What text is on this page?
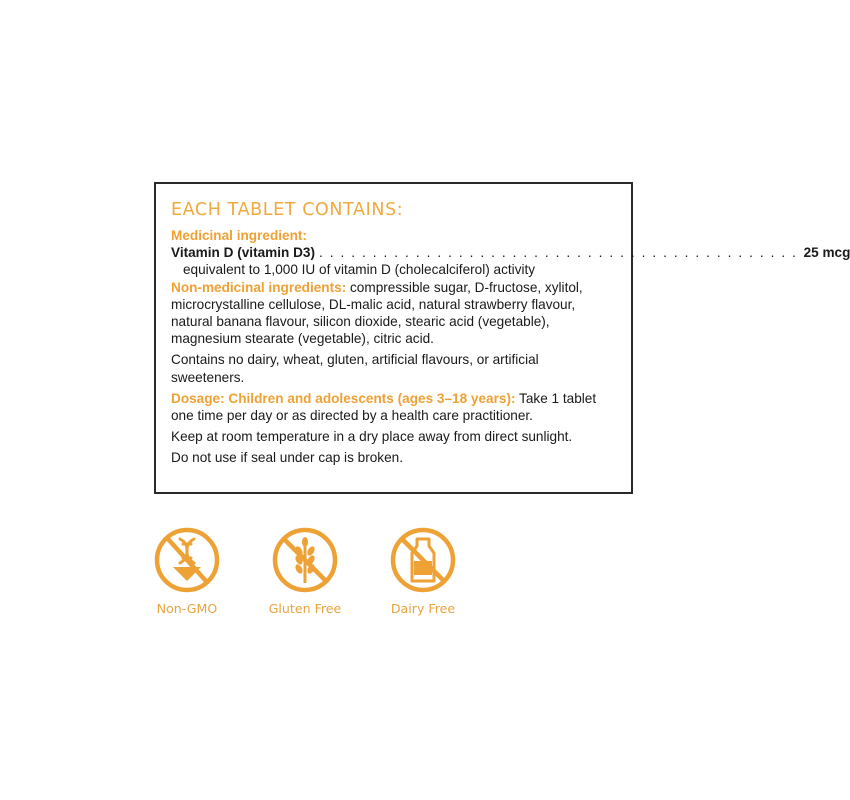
EACH TABLET CONTAINS:

Medicinal ingredient:

Vitamin D (vitamin D3) . . . . . . . . . . . . . . . . . . . . . . . . . . . . . . . . . . . . . . . . . . . . . 25 mcg

equivalent to 1,000 IU of vitamin D (cholecalciferol) activity

Non-medicinal ingredients: compressible sugar, D-fructose, xylitol,

microcrystalline cellulose, DL-malic acid, natural strawberry flavour,

natural banana flavour, silicon dioxide, stearic acid (vegetable),

magnesium stearate (vegetable), citric acid.

Contains no dairy, wheat, gluten, artificial flavours, or artificial

sweeteners.

Dosage: Children and adolescents (ages 3–18 years): Take 1 tablet

one time per day or as directed by a health care practitioner.

Keep at room temperature in a dry place away from direct sunlight.

Do not use if seal under cap is broken.

Non-GMO	Gluten Free	Dairy Free
